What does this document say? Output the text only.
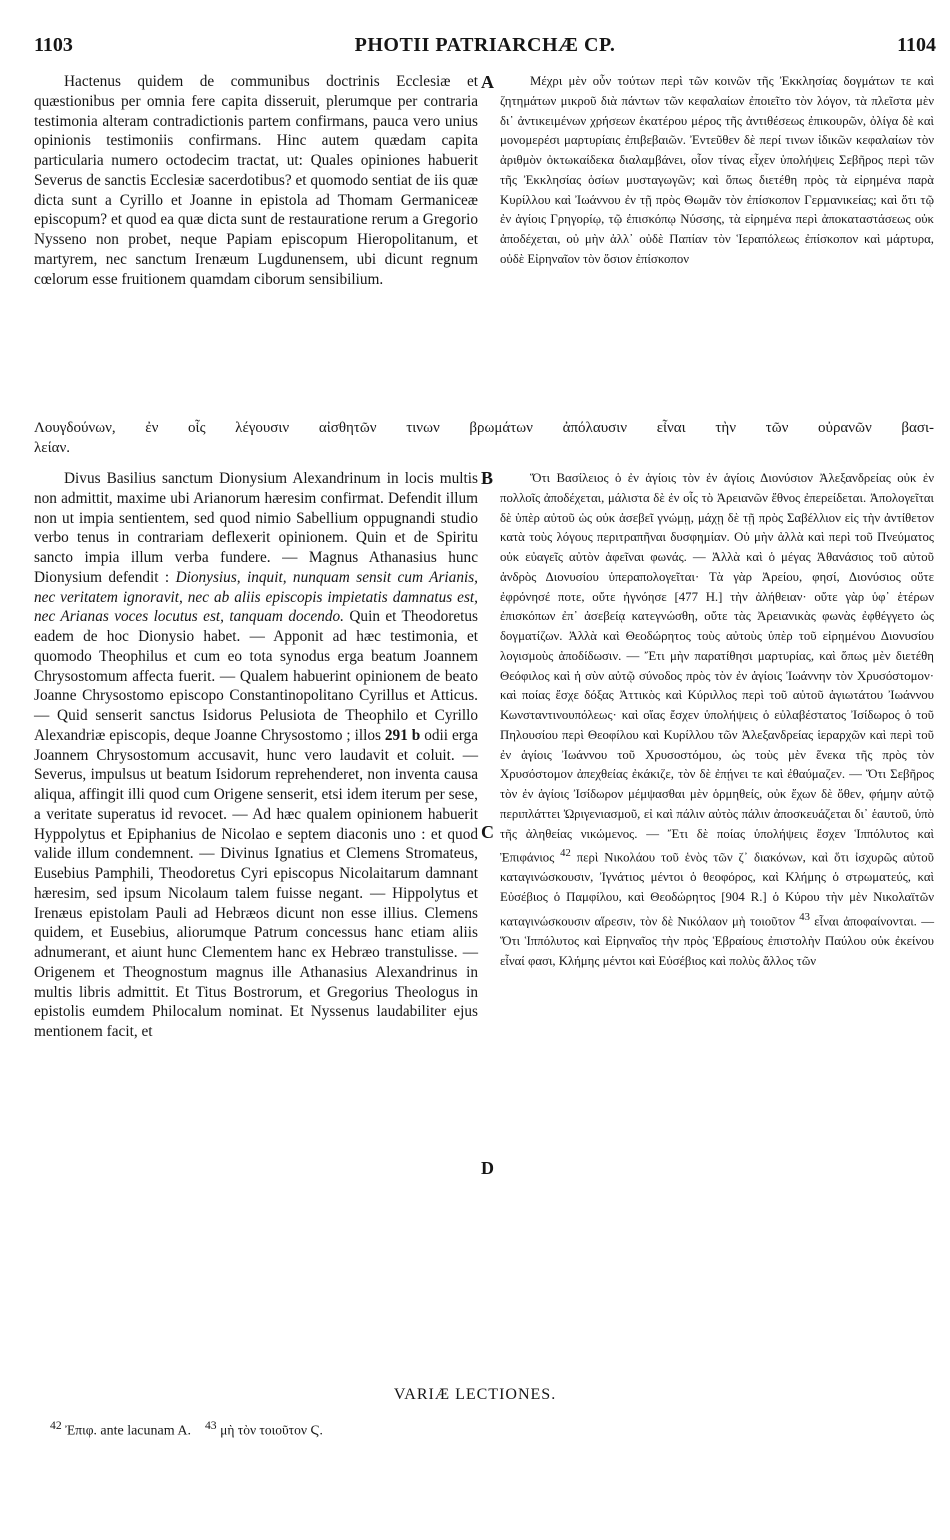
1103	PHOTII PATRIARCHÆ CP.	1104
A
B
C
D

Hactenus quidem de communibus doctrinis Ecclesiæ et quæstionibus per omnia fere capita disseruit, plerumque per contraria testimonia alteram contradictionis partem confirmans, pauca vero unius opinionis testimoniis confirmans. Hinc autem quædam capita particularia numero octodecim tractat, ut: Quales opiniones habuerit Severus de sanctis Ecclesiæ sacerdotibus? et quomodo sentiat de iis quæ dicta sunt a Cyrillo et Joanne in epistola ad Thomam Germaniceæ episcopum? et quod ea quæ dicta sunt de restauratione rerum a Gregorio Nysseno non probet, neque Papiam episcopum Hieropolitanum, et martyrem, nec sanctum Irenæum Lugdunensem, ubi dicunt regnum cœlorum esse fruitionem quamdam ciborum sensibilium.

Μέχρι μὲν οὖν τούτων περὶ τῶν κοινῶν τῆς Ἐκκλησίας δογμάτων τε καὶ ζητημάτων μικροῦ διὰ πάντων τῶν κεφαλαίων ἐποιεῖτο τὸν λόγον, τὰ πλεῖστα μὲν δι᾽ ἀντικειμένων χρήσεων ἑκατέρου μέρος τῆς ἀντιθέσεως ἐπικουρῶν, ὀλίγα δὲ καὶ μονομερέσι μαρτυρίαις ἐπιβεβαιῶν. Ἐντεῦθεν δὲ περί τινων ἰδικῶν κεφαλαίων τὸν ἀριθμὸν ὀκτωκαίδεκα διαλαμβάνει, οἷον τίνας εἶχεν ὑπολήψεις Σεβῆρος περὶ τῶν τῆς Ἐκκλησίας ὁσίων μυσταγωγῶν; καὶ ὅπως διετέθη πρὸς τὰ εἰρημένα παρὰ Κυρίλλου καὶ Ἰωάννου ἐν τῇ πρὸς Θωμᾶν τὸν ἐπίσκοπον Γερμανικείας; καὶ ὅτι τῷ ἐν ἁγίοις Γρηγορίῳ, τῷ ἐπισκόπῳ Νύσσης, τὰ εἰρημένα περὶ ἀποκαταστάσεως οὐκ ἀποδέχεται, οὐ μὴν ἀλλ᾽ οὐδὲ Παπίαν τὸν Ἱεραπόλεως ἐπίσκοπον καὶ μάρτυρα, οὐδὲ Εἰρηναῖον τὸν ὅσιον ἐπίσκοπον

Λουγδούνων, ἐν οἷς λέγουσιν αἰσθητῶν τινων βρωμάτων ἀπόλαυσιν εἶναι τὴν τῶν οὐρανῶν βασι-
λείαν.

Divus Basilius sanctum Dionysium Alexandrinum in locis multis non admittit, maxime ubi Arianorum hæresim confirmat. Defendit illum non ut impia sentientem, sed quod nimio Sabellium oppugnandi studio verbo tenus in contrariam deflexerit opinionem. Quin et de Spiritu sancto impia illum verba fundere. — Magnus Athanasius hunc Dionysium defendit : Dionysius, inquit, nunquam sensit cum Arianis, nec veritatem ignoravit, nec ab aliis episcopis impietatis damnatus est, nec Arianas voces locutus est, tanquam docendo. Quin et Theodoretus eadem de hoc Dionysio habet. — Apponit ad hæc testimonia, et quomodo Theophilus et cum eo tota synodus erga beatum Joannem Chrysostomum affecta fuerit. — Qualem habuerint opinionem de beato Joanne Chrysostomo episcopo Constantinopolitano Cyrillus et Atticus. — Quid senserit sanctus Isidorus Pelusiota de Theophilo et Cyrillo Alexandriæ episcopis, deque Joanne Chrysostomo ; illos 291 b odii erga Joannem Chrysostomum accusavit, hunc vero laudavit et coluit. — Severus, impulsus ut beatum Isidorum reprehenderet, non inventa causa aliqua, affingit illi quod cum Origene senserit, etsi idem iterum per sese, a veritate superatus id revocet. — Ad hæc qualem opinionem habuerit Hyppolytus et Epiphanius de Nicolao e septem diaconis uno : et quod valide illum condemnent. — Divinus Ignatius et Clemens Stromateus, Eusebius Pamphili, Theodoretus Cyri episcopus Nicolaitarum damnant hæresim, sed ipsum Nicolaum talem fuisse negant. — Hippolytus et Irenæus epistolam Pauli ad Hebræos dicunt non esse illius. Clemens quidem, et Eusebius, aliorumque Patrum concessus hanc etiam aliis adnumerant, et aiunt hunc Clementem hanc ex Hebræo transtulisse. — Origenem et Theognostum magnus ille Athanasius Alexandrinus in multis libris admittit. Et Titus Bostrorum, et Gregorius Theologus in epistolis eumdem Philocalum nominat. Et Nyssenus laudabiliter ejus mentionem facit, et

Ὅτι Βασίλειος ὁ ἐν ἁγίοις τὸν ἐν ἁγίοις Διονύσιον Ἀλεξανδρείας οὐκ ἐν πολλοῖς ἀποδέχεται, μάλιστα δὲ ἐν οἷς τὸ Ἀρειανῶν ἔθνος ἐπερείδεται. Ἀπολογεῖται δὲ ὑπὲρ αὐτοῦ ὡς οὐκ ἀσεβεῖ γνώμῃ, μάχῃ δὲ τῇ πρὸς Σαβέλλιον εἰς τὴν ἀντίθετον κατὰ τοὺς λόγους περιτραπῆναι δυσφημίαν. Οὐ μὴν ἀλλὰ καὶ περὶ τοῦ Πνεύματος οὐκ εὐαγεῖς αὐτὸν ἀφεῖναι φωνάς. — Ἀλλὰ καὶ ὁ μέγας Ἀθανάσιος τοῦ αὐτοῦ ἀνδρὸς Διονυσίου ὑπεραπολογεῖται· Τὰ γὰρ Ἀρείου, φησί, Διονύσιος οὔτε ἐφρόνησέ ποτε, οὔτε ἠγνόησε [477 H.] τὴν ἀλήθειαν· οὔτε γὰρ ὑφ᾽ ἑτέρων ἐπισκόπων ἐπ᾽ ἀσεβείᾳ κατεγνώσθη, οὔτε τὰς Ἀρειανικὰς φωνὰς ἐφθέγγετο ὡς δογματίζων. Ἀλλὰ καὶ Θεοδώρητος τοὺς αὐτοὺς ὑπὲρ τοῦ εἰρημένου Διονυσίου λογισμοὺς ἀποδίδωσιν. — Ἔτι μὴν παρατίθησι μαρτυρίας, καὶ ὅπως μὲν διετέθη Θεόφιλος καὶ ἡ σὺν αὐτῷ σύνοδος πρὸς τὸν ἐν ἁγίοις Ἰωάννην τὸν Χρυσόστομον· καὶ ποίας ἔσχε δόξας Ἀττικὸς καὶ Κύριλλος περὶ τοῦ αὐτοῦ ἁγιωτάτου Ἰωάννου Κωνσταντινουπόλεως· καὶ οἵας ἔσχεν ὑπολήψεις ὁ εὐλαβέστατος Ἰσίδωρος ὁ τοῦ Πηλουσίου περὶ Θεοφίλου καὶ Κυρίλλου τῶν Ἀλεξανδρείας ἱεραρχῶν καὶ περὶ τοῦ ἐν ἁγίοις Ἰωάννου τοῦ Χρυσοστόμου, ὡς τοὺς μὲν ἕνεκα τῆς πρὸς τὸν Χρυσόστομον ἀπεχθείας ἐκάκιζε, τὸν δὲ ἐπῄνει τε καὶ ἐθαύμαζεν. — Ὅτι Σεβῆρος τὸν ἐν ἁγίοις Ἰσίδωρον μέμψασθαι μὲν ὁρμηθείς, οὐκ ἔχων δὲ ὅθεν, φήμην αὐτῷ περιπλάττει Ὠριγενιασμοῦ, εἰ καὶ πάλιν αὐτὸς πάλιν ἀποσκευάζεται δι᾽ ἑαυτοῦ, ὑπὸ τῆς ἀληθείας νικώμενος. — Ἔτι δὲ ποίας ὑπολήψεις ἔσχεν Ἱππόλυτος καὶ Ἐπιφάνιος $^{42}$ περὶ Νικολάου τοῦ ἑνὸς τῶν ζ᾽ διακόνων, καὶ ὅτι ἰσχυρῶς αὐτοῦ καταγινώσκουσιν, Ἰγνάτιος μέντοι ὁ θεοφόρος, καὶ Κλήμης ὁ στρωματεύς, καὶ Εὐσέβιος ὁ Παμφίλου, καὶ Θεοδώρητος [904 R.] ὁ Κύρου τὴν μὲν Νικολαϊτῶν καταγινώσκουσιν αἵρεσιν, τὸν δὲ Νικόλαον μὴ τοιοῦτον $^{43}$ εἶναι ἀποφαίνονται. — Ὅτι Ἱππόλυτος καὶ Εἰρηναῖος τὴν πρὸς Ἑβραίους ἐπιστολὴν Παύλου οὐκ ἐκείνου εἶναί φασι, Κλήμης μέντοι καὶ Εὐσέβιος καὶ πολὺς ἄλλος τῶν

VARIÆ LECTIONES.
$^{42}$ Ἐπιφ. ante lacunam A. $^{43}$ μὴ τὸν τοιοῦτον Ϛ.
